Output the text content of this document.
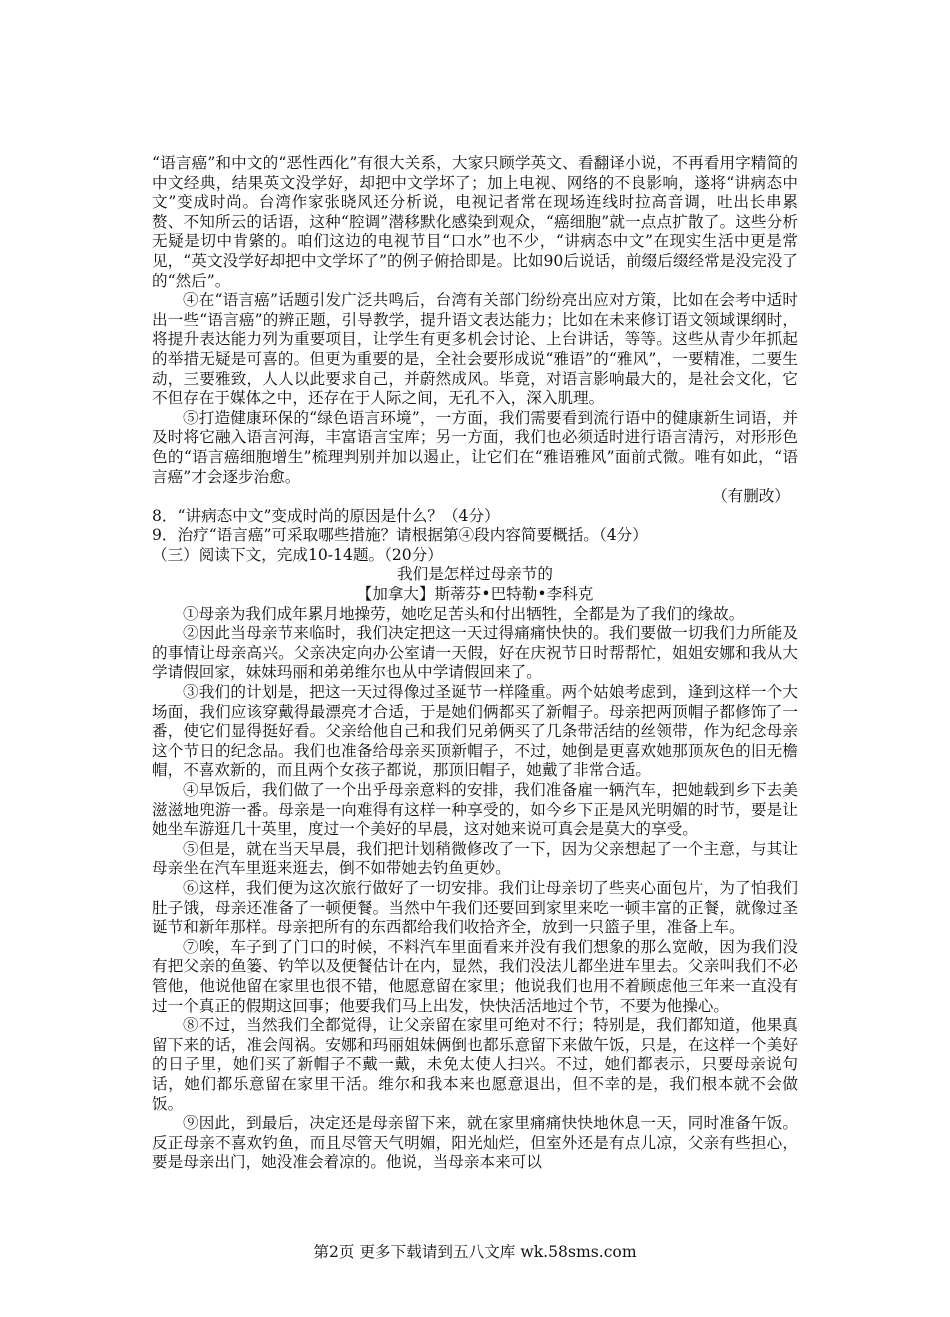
“语言癌”和中文的“恶性西化”有很大关系，大家只顾学英文、看翻译小说，不再看用字精简的中文经典，结果英文没学好，却把中文学坏了；加上电视、网络的不良影响，遂将“讲病态中文”变成时尚。台湾作家张晓风还分析说，电视记者常在现场连线时拉高音调，吐出长串累赘、不知所云的话语，这种“腔调”潜移默化感染到观众，“癌细胞”就一点点扩散了。这些分析无疑是切中肯綮的。咱们这边的电视节目“口水”也不少，“讲病态中文”在现实生活中更是常见，“英文没学好却把中文学坏了”的例子俯拾即是。比如90后说话，前缀后缀经常是没完没了的“然后”。

④在“语言癌”话题引发广泛共鸣后，台湾有关部门纷纷亮出应对方策，比如在会考中适时出一些“语言癌”的辨正题，引导教学，提升语文表达能力；比如在未来修订语文领域课纲时，将提升表达能力列为重要项目，让学生有更多机会讨论、上台讲话，等等。这些从青少年抓起的举措无疑是可喜的。但更为重要的是，全社会要形成说“雅语”的“雅风”，一要精准，二要生动，三要雅致，人人以此要求自己，并蔚然成风。毕竟，对语言影响最大的，是社会文化，它不但存在于媒体之中，还存在于人际之间，无孔不入，深入肌理。

⑤打造健康环保的“绿色语言环境”，一方面，我们需要看到流行语中的健康新生词语，并及时将它融入语言河海，丰富语言宝库；另一方面，我们也必须适时进行语言清污，对形形色色的“语言癌细胞增生”梳理判别并加以遏止，让它们在“雅语雅风”面前式微。唯有如此，“语言癌”才会逐步治愈。

（有删改）

8．“讲病态中文”变成时尚的原因是什么？（4分）

9．治疗“语言癌”可采取哪些措施？请根据第④段内容简要概括。（4分）

（三）阅读下文，完成10-14题。（20分）

我们是怎样过母亲节的

【加拿大】斯蒂芬•巴特勒•李科克

①母亲为我们成年累月地操劳，她吃足苦头和付出牺牲，全都是为了我们的缘故。

②因此当母亲节来临时，我们决定把这一天过得痛痛快快的。我们要做一切我们力所能及的事情让母亲高兴。父亲决定向办公室请一天假，好在庆祝节日时帮帮忙，姐姐安娜和我从大学请假回家，妹妹玛丽和弟弟维尔也从中学请假回来了。

③我们的计划是，把这一天过得像过圣诞节一样隆重。两个姑娘考虑到，逢到这样一个大场面，我们应该穿戴得最漂亮才合适，于是她们俩都买了新帽子。母亲把两顶帽子都修饰了一番，使它们显得挺好看。父亲给他自己和我们兄弟俩买了几条带活结的丝领带，作为纪念母亲这个节日的纪念品。我们也准备给母亲买顶新帽子，不过，她倒是更喜欢她那顶灰色的旧无檐帽，不喜欢新的，而且两个女孩子都说，那顶旧帽子，她戴了非常合适。

④早饭后，我们做了一个出乎母亲意料的安排，我们准备雇一辆汽车，把她载到乡下去美滋滋地兜游一番。母亲是一向难得有这样一种享受的，如今乡下正是风光明媚的时节，要是让她坐车游逛几十英里，度过一个美好的早晨，这对她来说可真会是莫大的享受。

⑤但是，就在当天早晨，我们把计划稍微修改了一下，因为父亲想起了一个主意，与其让母亲坐在汽车里逛来逛去，倒不如带她去钓鱼更妙。

⑥这样，我们便为这次旅行做好了一切安排。我们让母亲切了些夹心面包片，为了怕我们肚子饿，母亲还准备了一顿便餐。当然中午我们还要回到家里来吃一顿丰富的正餐，就像过圣诞节和新年那样。母亲把所有的东西都给我们收拾齐全，放到一只篮子里，准备上车。

⑦唉，车子到了门口的时候，不料汽车里面看来并没有我们想象的那么宽敞，因为我们没有把父亲的鱼篓、钓竿以及便餐估计在内，显然，我们没法儿都坐进车里去。父亲叫我们不必管他，他说他留在家里也很不错，他愿意留在家里；他说我们也用不着顾虑他三年来一直没有过一个真正的假期这回事；他要我们马上出发，快快活活地过个节，不要为他操心。

⑧不过，当然我们全都觉得，让父亲留在家里可绝对不行；特别是，我们都知道，他果真留下来的话，准会闯祸。安娜和玛丽姐妹俩倒也都乐意留下来做午饭，只是，在这样一个美好的日子里，她们买了新帽子不戴一戴，未免太使人扫兴。不过，她们都表示，只要母亲说句话，她们都乐意留在家里干活。维尔和我本来也愿意退出，但不幸的是，我们根本就不会做饭。

⑨因此，到最后，决定还是母亲留下来，就在家里痛痛快快地休息一天，同时准备午饭。反正母亲不喜欢钓鱼，而且尽管天气明媚，阳光灿烂，但室外还是有点儿凉，父亲有些担心，要是母亲出门，她没准会着凉的。他说，当母亲本来可以

第2页 更多下载请到五八文库 wk.58sms.com
